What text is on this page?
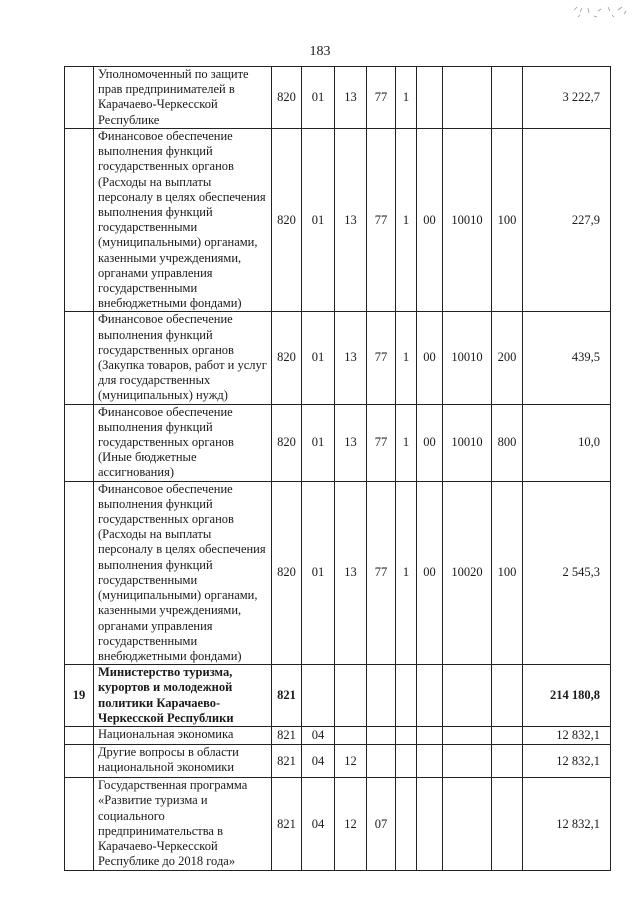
183
	Уполномоченный по защите прав предпринимателей в Карачаево-Черкесской Республике	820	01	13	77	1				3 222,7
	Финансовое обеспечение выполнения функций государственных органов (Расходы на выплаты персоналу в целях обеспечения выполнения функций государственными (муниципальными) органами, казенными учреждениями, органами управления государственными внебюджетными фондами)	820	01	13	77	1	00	10010	100	227,9
	Финансовое обеспечение выполнения функций государственных органов (Закупка товаров, работ и услуг для государственных (муниципальных) нужд)	820	01	13	77	1	00	10010	200	439,5
	Финансовое обеспечение выполнения функций государственных органов (Иные бюджетные ассигнования)	820	01	13	77	1	00	10010	800	10,0
	Финансовое обеспечение выполнения функций государственных органов (Расходы на выплаты персоналу в целях обеспечения выполнения функций государственными (муниципальными) органами, казенными учреждениями, органами управления государственными внебюджетными фондами)	820	01	13	77	1	00	10020	100	2 545,3
19	Министерство туризма, курортов и молодежной политики Карачаево-Черкесской Республики	821								214 180,8
	Национальная экономика	821	04							12 832,1
	Другие вопросы в области национальной экономики	821	04	12						12 832,1
	Государственная программа «Развитие туризма и социального предпринимательства в Карачаево-Черкесской Республике до 2018 года»	821	04	12	07					12 832,1
